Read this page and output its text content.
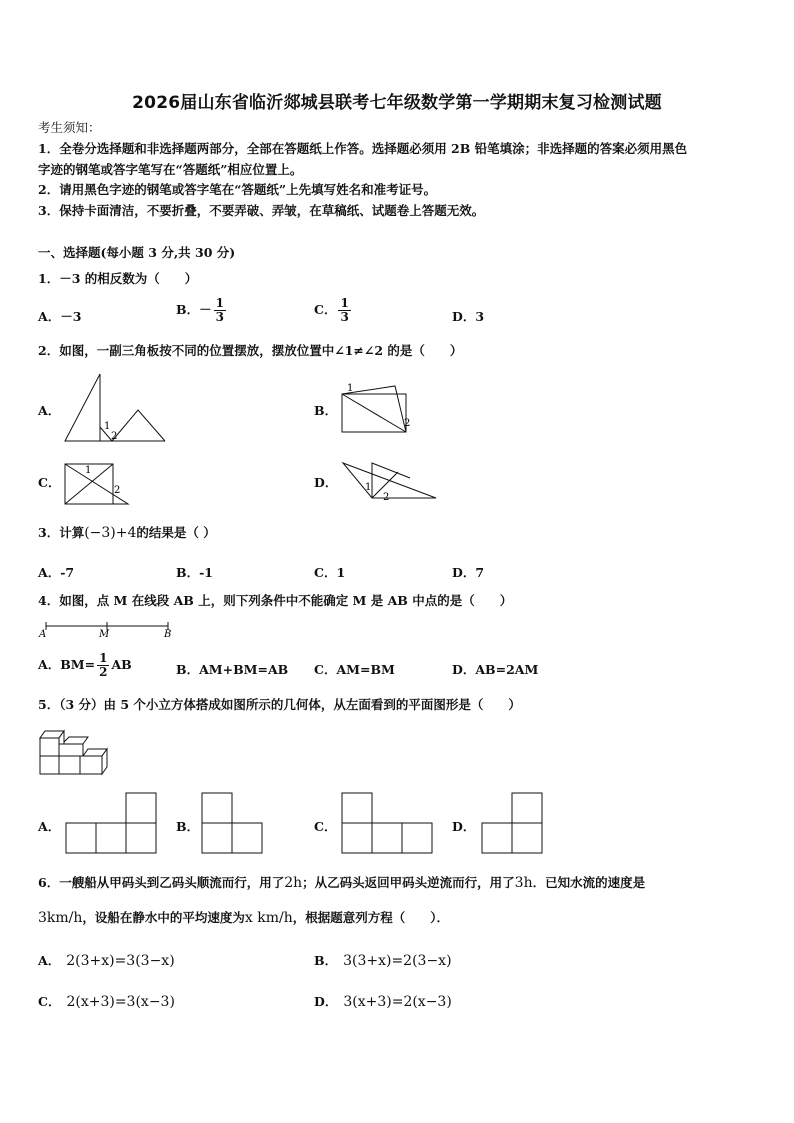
2026届山东省临沂郯城县联考七年级数学第一学期期末复习检测试题
考生须知：
1．全卷分选择题和非选择题两部分，全部在答题纸上作答。选择题必须用 2B 铅笔填涂；非选择题的答案必须用黑色
字迹的钢笔或答字笔写在“答题纸”相应位置上。
2．请用黑色字迹的钢笔或答字笔在“答题纸”上先填写姓名和准考证号。
3．保持卡面清洁，不要折叠，不要弄破、弄皱，在草稿纸、试题卷上答题无效。
一、选择题(每小题 3 分,共 30 分)
1．－3 的相反数为（　　）
A．－3	B．－ $\frac{1}{3}$	C． $\frac{1}{3}$	D．3
2．如图，一副三角板按不同的位置摆放，摆放位置中∠1≠∠2 的是（　　）
A．	B．
C．	D．
1
2
1
2
1
2	1
2
3．计算(−3)+4的结果是（ ）
A．-7	B．-1	C．1	D．7
4．如图，点 M 在线段 AB 上，则下列条件中不能确定 M 是 AB 中点的是（　　）
A	M	B
A．$BM= \frac{1}{2}$ AB	B．AM+BM=AB C．AM=BM	D．AB=2AM
5．（3 分）由 5 个小立方体搭成如图所示的几何体，从左面看到的平面图形是（　　）
A．	B．	C．	D．
6．一艘船从甲码头到乙码头顺流而行，用了2h；从乙码头返回甲码头逆流而行，用了3h．已知水流的速度是
3km/h，设船在静水中的平均速度为x km/h，根据题意列方程（　　）．
A． 2(3+x)=3(3−x)	B． 3(3+x)=2(3−x)
C． 2(x+3)=3(x−3)	D． 3(x+3)=2(x−3)
